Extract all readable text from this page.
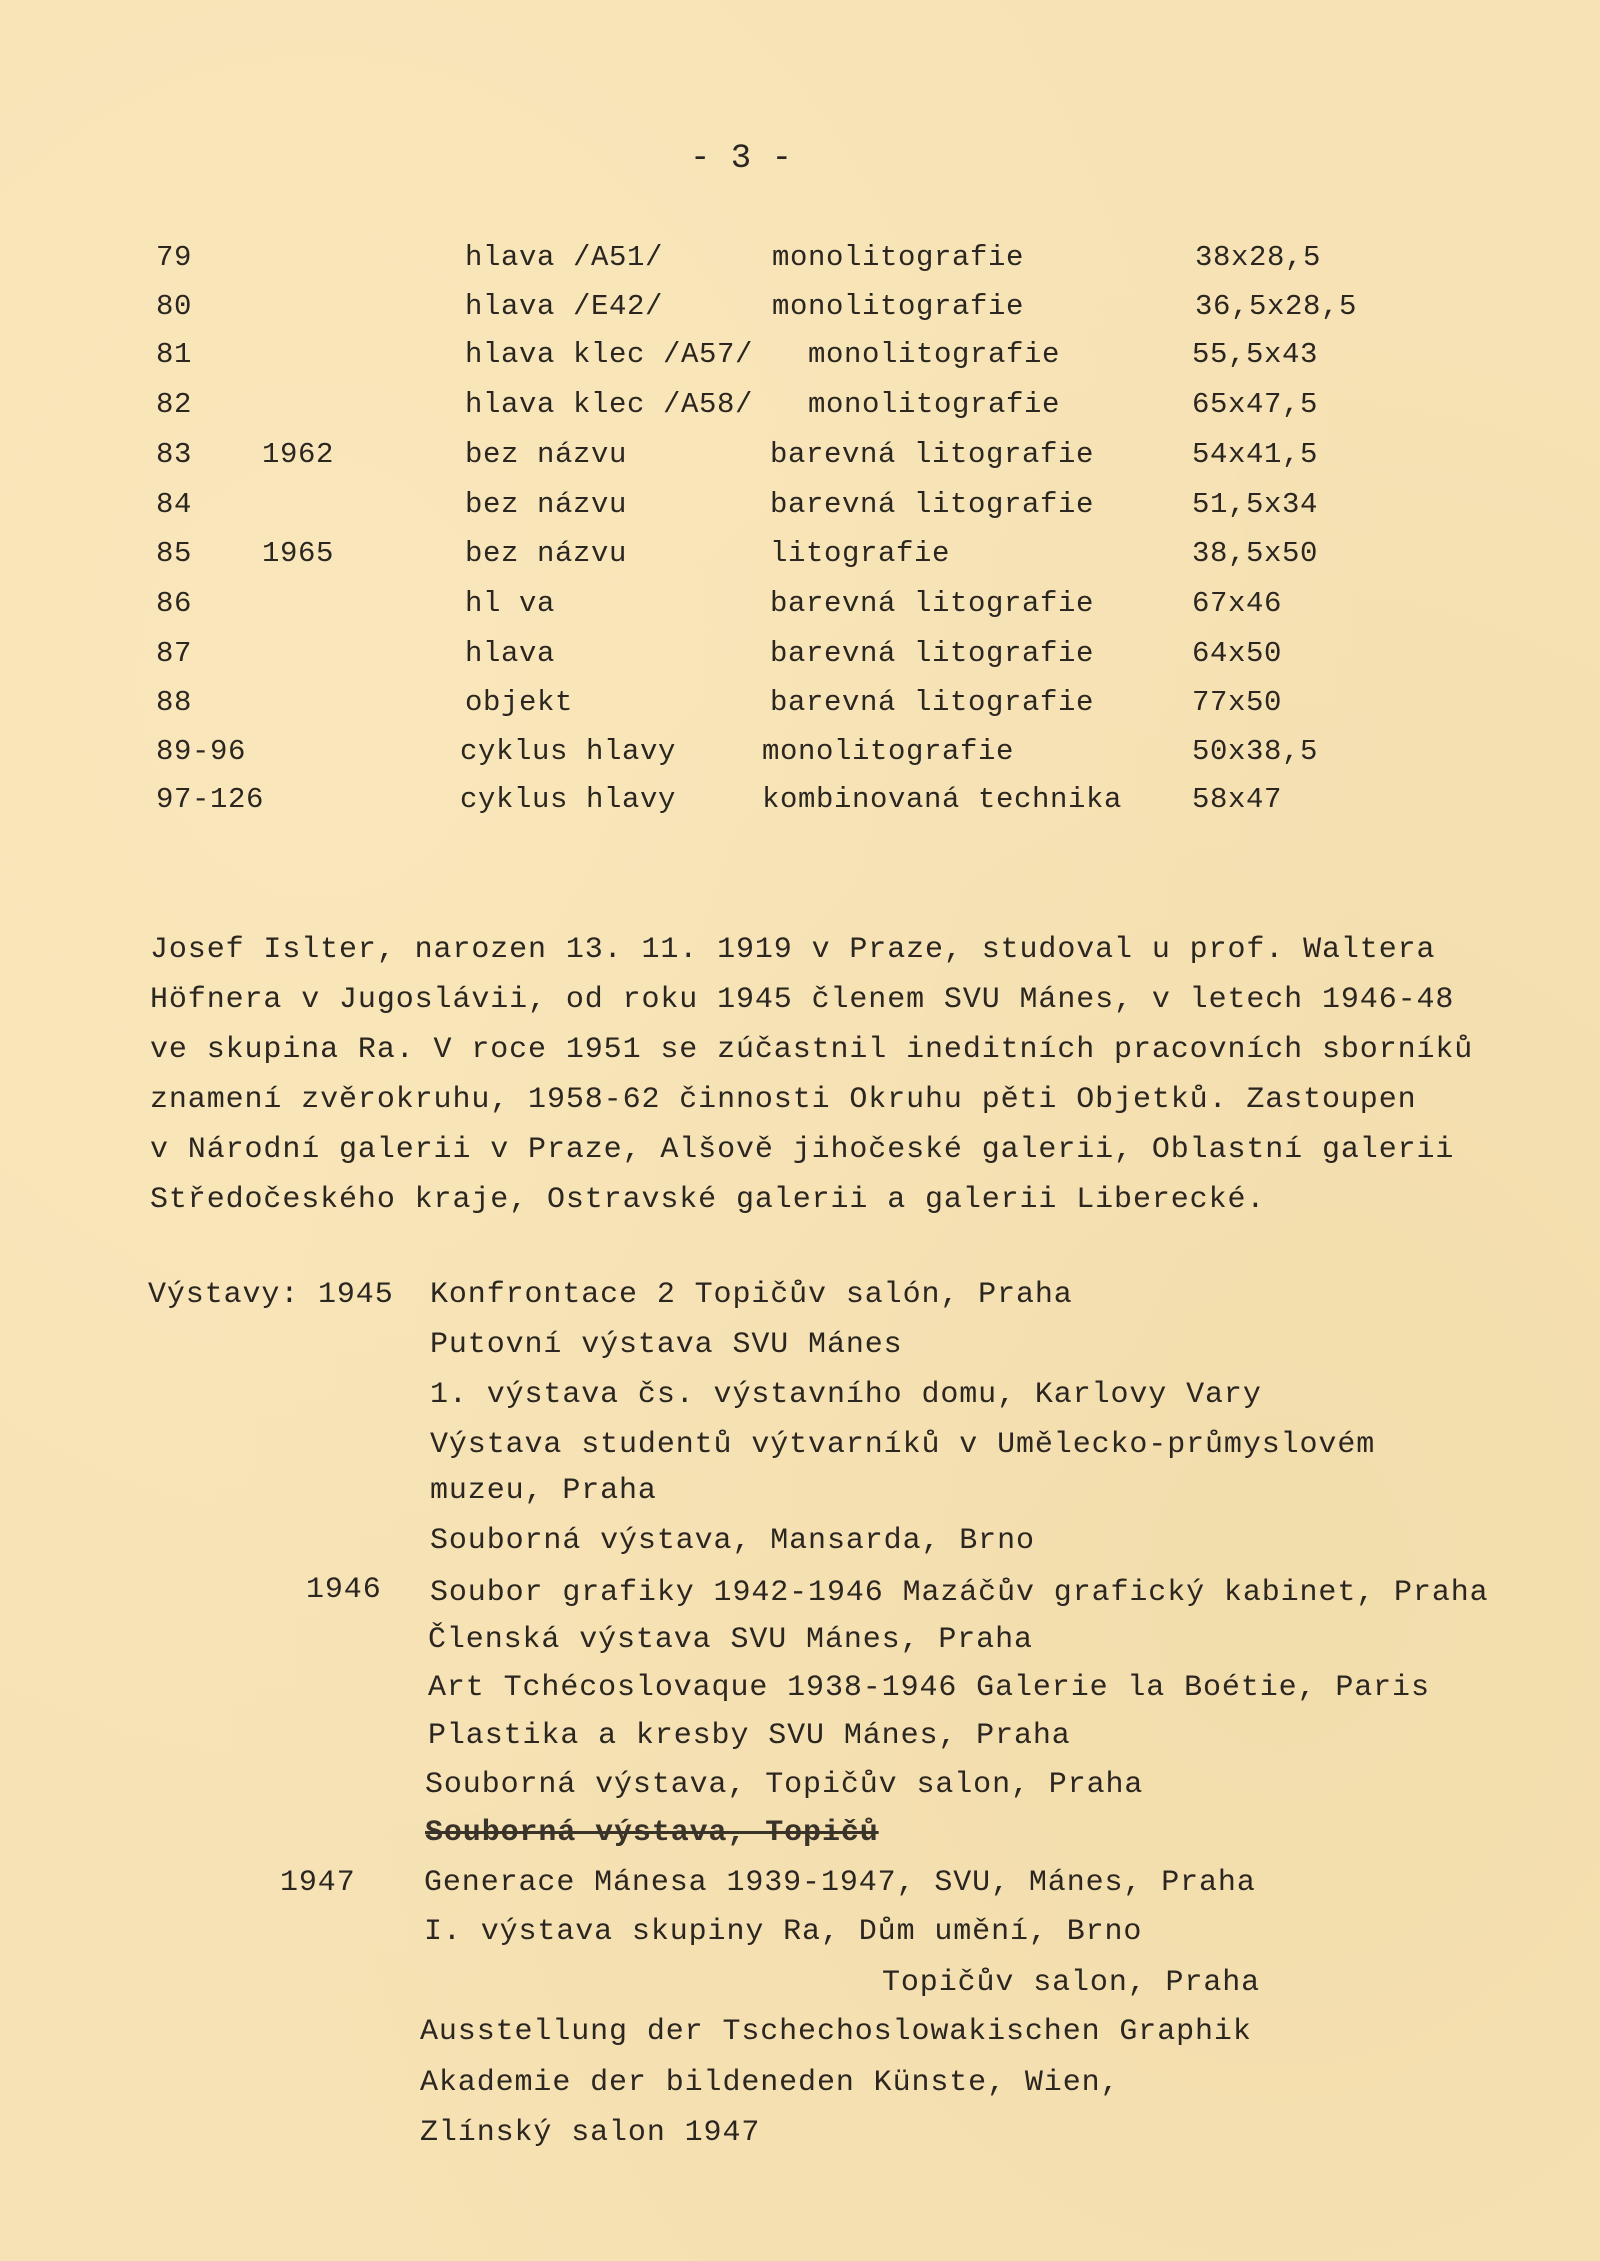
- 3 -
79	hlava /A51/	monolitografie	38x28,5
80	hlava /E42/	monolitografie	36,5x28,5
81	hlava klec /A57/ monolitografie	55,5x43
82	hlava klec /A58/ monolitografie	65x47,5
83 1962	bez názvu	barevná litografie	54x41,5
84	bez názvu	barevná litografie	51,5x34
85 1965	bez názvu	litografie	38,5x50
86	hl va	barevná litografie	67x46
87	hlava	barevná litografie	64x50
88	objekt	barevná litografie	77x50
89-96	cyklus hlavy	monolitografie	50x38,5
97-126	cyklus hlavy	kombinovaná technika 58x47
Josef Islter, narozen 13. 11. 1919 v Praze, studoval u prof. Waltera
Höfnera v Jugoslávii, od roku 1945 členem SVU Mánes, v letech 1946-48
ve skupina Ra. V roce 1951 se zúčastnil ineditních pracovních sborníků
znamení zvěrokruhu, 1958-62 činnosti Okruhu pěti Objetků. Zastoupen
v Národní galerii v Praze, Alšově jihočeské galerii, Oblastní galerii
Středočeského kraje, Ostravské galerii a galerii Liberecké.
Výstavy: 1945 Konfrontace 2 Topičův salón, Praha
Putovní výstava SVU Mánes
1. výstava čs. výstavního domu, Karlovy Vary
Výstava studentů výtvarníků v Umělecko-průmyslovém
muzeu, Praha
Souborná výstava, Mansarda, Brno
1946 Soubor grafiky 1942-1946 Mazáčův grafický kabinet, Praha
Členská výstava SVU Mánes, Praha
Art Tchécoslovaque 1938-1946 Galerie la Boétie, Paris
Plastika a kresby SVU Mánes, Praha
Souborná výstava, Topičův salon, Praha
Souborná výstava, Topičů
1947 Generace Mánesa 1939-1947, SVU, Mánes, Praha
I. výstava skupiny Ra, Dům umění, Brno
Topičův salon, Praha
Ausstellung der Tschechoslowakischen Graphik
Akademie der bildeneden Künste, Wien,
Zlínský salon 1947
